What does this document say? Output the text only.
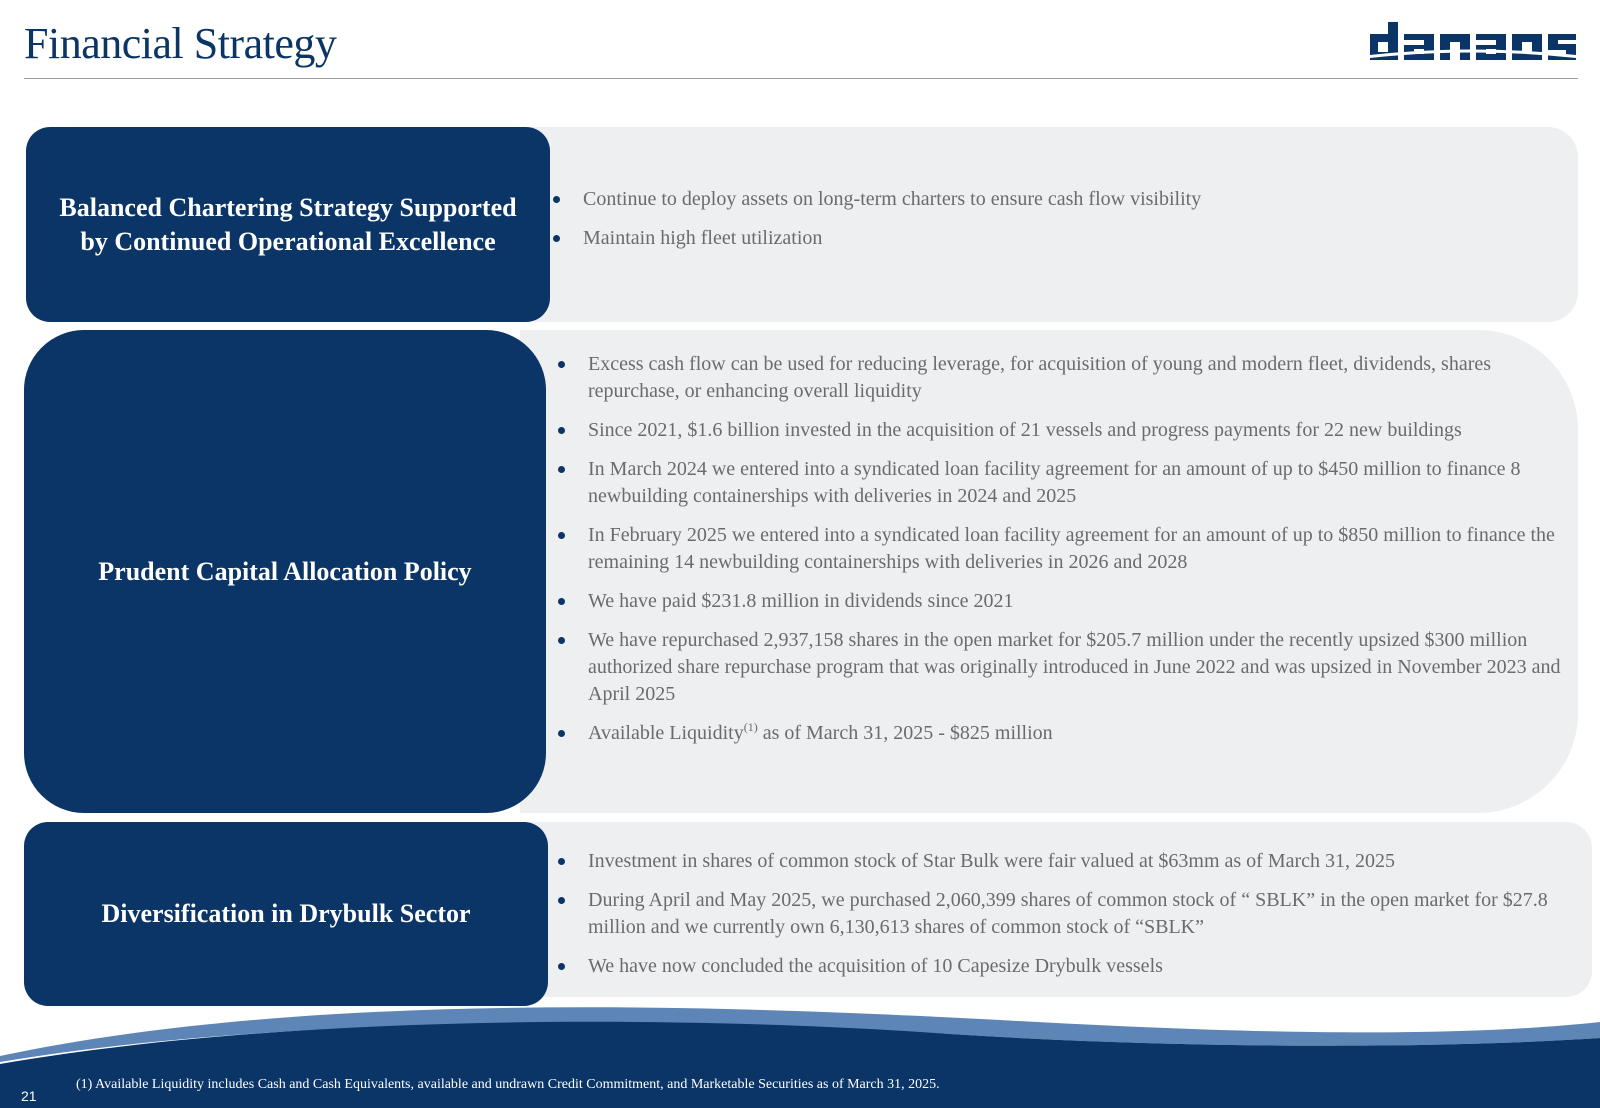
Financial Strategy
Balanced Chartering Strategy Supported by Continued Operational Excellence
Continue to deploy assets on long-term charters to ensure cash flow visibility
Maintain high fleet utilization
Prudent Capital Allocation Policy
Excess cash flow can be used for reducing leverage, for acquisition of young and modern fleet, dividends, shares repurchase, or enhancing overall liquidity
Since 2021, $1.6 billion invested in the acquisition of 21 vessels and progress payments for 22 new buildings
In March 2024 we entered into a syndicated loan facility agreement for an amount of up to $450 million to finance 8 newbuilding containerships with deliveries in 2024 and 2025
In February 2025 we entered into a syndicated loan facility agreement for an amount of up to $850 million to finance the remaining 14 newbuilding containerships with deliveries in 2026 and 2028
We have paid $231.8 million in dividends since 2021
We have repurchased 2,937,158 shares in the open market for $205.7 million under the recently upsized $300 million authorized share repurchase program that was originally introduced in June 2022 and was upsized in November 2023 and April 2025
Available Liquidity$^{(1)}$ as of March 31, 2025 - $825 million
Diversification in Drybulk Sector
Investment in shares of common stock of Star Bulk were fair valued at $63mm as of March 31, 2025
During April and May 2025, we purchased 2,060,399 shares of common stock of “ SBLK” in the open market for $27.8 million and we currently own 6,130,613 shares of common stock of “SBLK”
We have now concluded the acquisition of 10 Capesize Drybulk vessels
(1) Available Liquidity includes Cash and Cash Equivalents, available and undrawn Credit Commitment, and Marketable Securities as of March 31, 2025.
21
